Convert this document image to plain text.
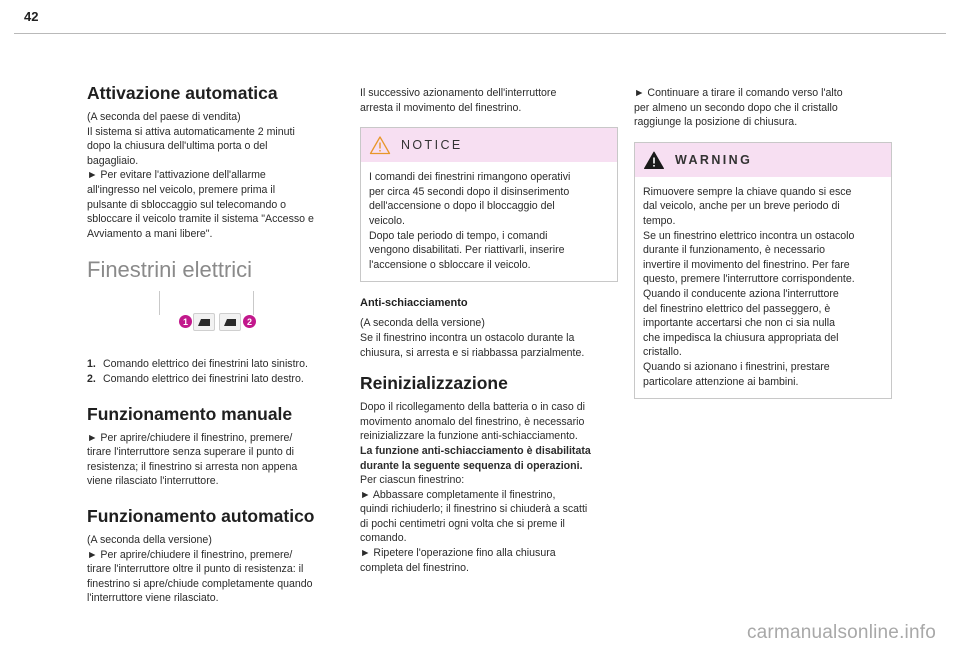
42
Attivazione automatica

(A seconda del paese di vendita)
Il sistema si attiva automaticamente 2 minuti
dopo la chiusura dell'ultima porta o del
bagagliaio.
► Per evitare l'attivazione dell'allarme
all'ingresso nel veicolo, premere prima il
pulsante di sbloccaggio sul telecomando o
sbloccare il veicolo tramite il sistema "Accesso e
Avviamento a mani libere".

Finestrini elettrici
1	2
1. Comando elettrico dei finestrini lato sinistro.
2. Comando elettrico dei finestrini lato destro.
Funzionamento manuale

► Per aprire/chiudere il finestrino, premere/
tirare l'interruttore senza superare il punto di
resistenza; il finestrino si arresta non appena
viene rilasciato l'interruttore.

Funzionamento automatico

(A seconda della versione)
► Per aprire/chiudere il finestrino, premere/
tirare l'interruttore oltre il punto di resistenza: il
finestrino si apre/chiude completamente quando
l'interruttore viene rilasciato.

Il successivo azionamento dell'interruttore
arresta il movimento del finestrino.

NOTICE

I comandi dei finestrini rimangono operativi
per circa 45 secondi dopo il disinserimento
dell'accensione o dopo il bloccaggio del
veicolo.
Dopo tale periodo di tempo, i comandi
vengono disabilitati. Per riattivarli, inserire
l'accensione o sbloccare il veicolo.

Anti-schiacciamento

(A seconda della versione)
Se il finestrino incontra un ostacolo durante la
chiusura, si arresta e si riabbassa parzialmente.

Reinizializzazione

Dopo il ricollegamento della batteria o in caso di
movimento anomalo del finestrino, è necessario
reinizializzare la funzione anti-schiacciamento.
La funzione anti-schiacciamento è disabilitata
durante la seguente sequenza di operazioni.
Per ciascun finestrino:
► Abbassare completamente il finestrino,
quindi richiuderlo; il finestrino si chiuderà a scatti
di pochi centimetri ogni volta che si preme il
comando.
► Ripetere l'operazione fino alla chiusura
completa del finestrino.

► Continuare a tirare il comando verso l'alto
per almeno un secondo dopo che il cristallo
raggiunge la posizione di chiusura.

WARNING

Rimuovere sempre la chiave quando si esce
dal veicolo, anche per un breve periodo di
tempo.
Se un finestrino elettrico incontra un ostacolo
durante il funzionamento, è necessario
invertire il movimento del finestrino. Per fare
questo, premere l'interruttore corrispondente.
Quando il conducente aziona l'interruttore
del finestrino elettrico del passeggero, è
importante accertarsi che non ci sia nulla
che impedisca la chiusura appropriata del
cristallo.
Quando si azionano i finestrini, prestare
particolare attenzione ai bambini.

carmanualsonline.info
